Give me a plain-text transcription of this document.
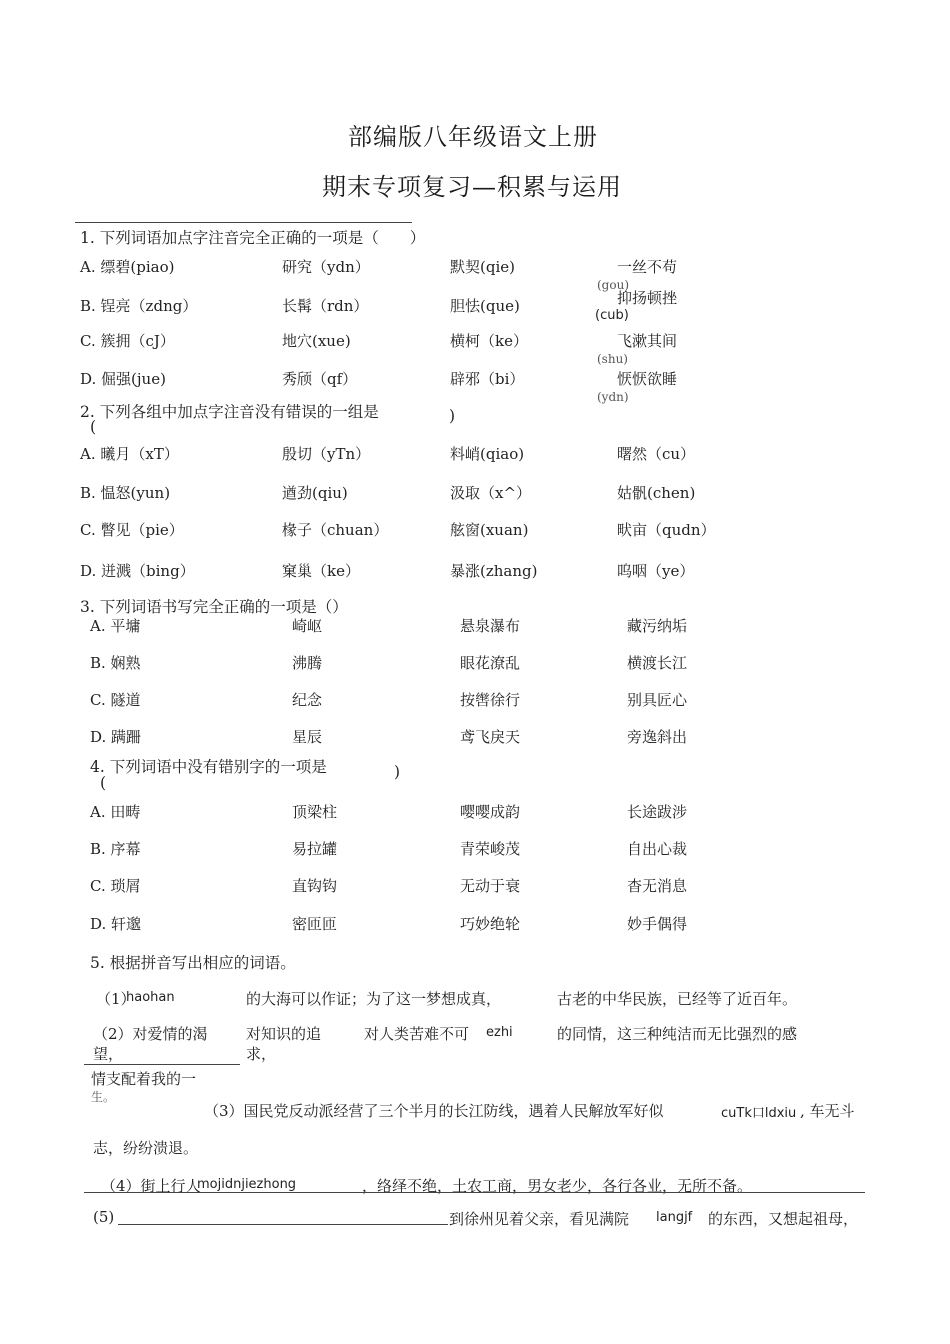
部编版八年级语文上册
期末专项复习—积累与运用
1. 下列词语加点字注音完全正确的一项是（　　）
A. 缥碧(piao)	研究（ydn）	默契(qie)	一丝不苟
(gou)
B. 锃亮（zdng）	长髯（rdn）	胆怯(que)	抑扬顿挫
(cub)
C. 簇拥（cJ）	地穴(xue)	横柯（ke）	飞漱其间
(shu)
D. 倔强(jue)	秀颀（qf）	辟邪（bi）	恹恹欲睡
(ydn)
2. 下列各组中加点字注音没有错误的一组是
(
)
A. 曦月（xT）	殷切（yTn）	料峭(qiao)	曙然（cu）
B. 愠怒(yun)	遒劲(qiu)	汲取（x^）	姑骪(chen)
C. 瞥见（pie）	椽子（chuan）	舷窗(xuan)	畎亩（qudn）
D. 迸溅（bing）	窠巢（ke）	暴涨(zhang)	呜咽（ye）
3. 下列词语书写完全正确的一项是（）
A. 平墉	崎岖	悬泉瀑布	藏污纳垢
B. 娴熟	沸腾	眼花潦乱	横渡长江
C. 隧道	纪念	按辔徐行	别具匠心
D. 蹒跚	星辰	鸢飞戾天	旁逸斜出
4. 下列词语中没有错别字的一项是
(
)
A. 田畴	顶梁柱	嘤嘤成韵	长途跋涉
B. 序幕	易拉罐	青荣峻茂	自出心裁
C. 琐屑	直钩钩	无动于衰	杳无消息
D. 轩邈	密匝匝	巧妙绝轮	妙手偶得
5. 根据拼音写出相应的词语。
（1）
haohan	的大海可以作证；为了这一梦想成真，	古老的中华民族，已经等了近百年。
（2）对爱情的渴
望，
对知识的追
求，
对人类苦难不可 ezhi	的同情，这三种纯洁而无比强烈的感
情支配着我的一
生。
（3）国民党反动派经营了三个半月的长江防线，遇着人民解放军好似	cuTk口ldxiu , 车无斗
志，纷纷溃退。
（4）街上行人
mojidnjiezhong	，络绎不绝，土农工商，男女老少，各行各业，无所不备。
(5)	到徐州见着父亲，看见满院 langjf 的东西，又想起祖母，
